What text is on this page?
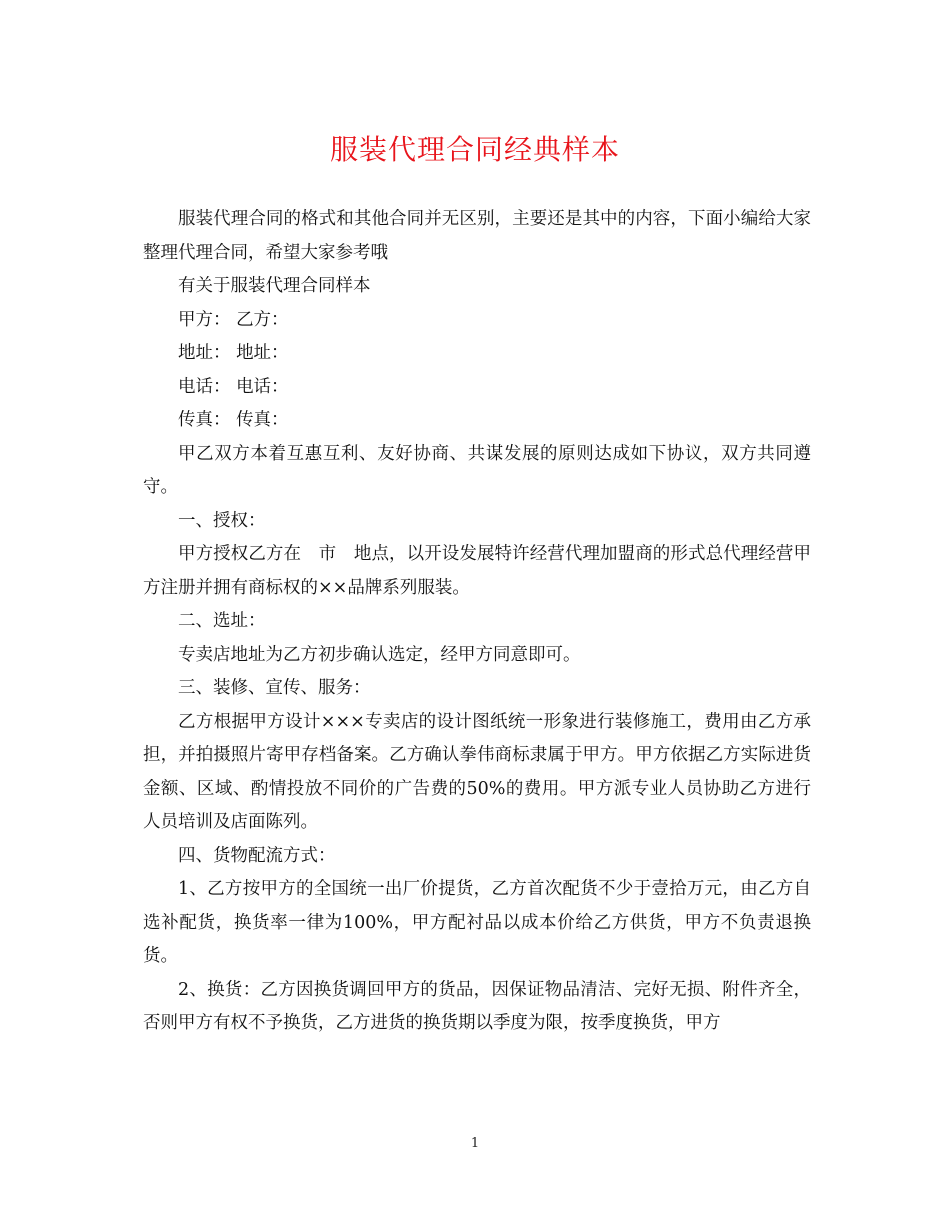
服装代理合同经典样本

服装代理合同的格式和其他合同并无区别，主要还是其中的内容，下面小编给大家整理代理合同，希望大家参考哦

有关于服装代理合同样本

甲方： 乙方：

地址： 地址：

电话： 电话：

传真： 传真：

甲乙双方本着互惠互利、友好协商、共谋发展的原则达成如下协议，双方共同遵守。

一、授权：

甲方授权乙方在　市　地点，以开设发展特许经营代理加盟商的形式总代理经营甲方注册并拥有商标权的××品牌系列服装。

二、选址：

专卖店地址为乙方初步确认选定，经甲方同意即可。

三、装修、宣传、服务：

乙方根据甲方设计×××专卖店的设计图纸统一形象进行装修施工，费用由乙方承担，并拍摄照片寄甲存档备案。乙方确认拳伟商标隶属于甲方。甲方依据乙方实际进货金额、区域、酌情投放不同价的广告费的50%的费用。甲方派专业人员协助乙方进行人员培训及店面陈列。

四、货物配流方式：

1、乙方按甲方的全国统一出厂价提货，乙方首次配货不少于壹拾万元，由乙方自选补配货，换货率一律为100%，甲方配衬品以成本价给乙方供货，甲方不负责退换货。

2、换货：乙方因换货调回甲方的货品，因保证物品清洁、完好无损、附件齐全，否则甲方有权不予换货，乙方进货的换货期以季度为限，按季度换货，甲方

1
